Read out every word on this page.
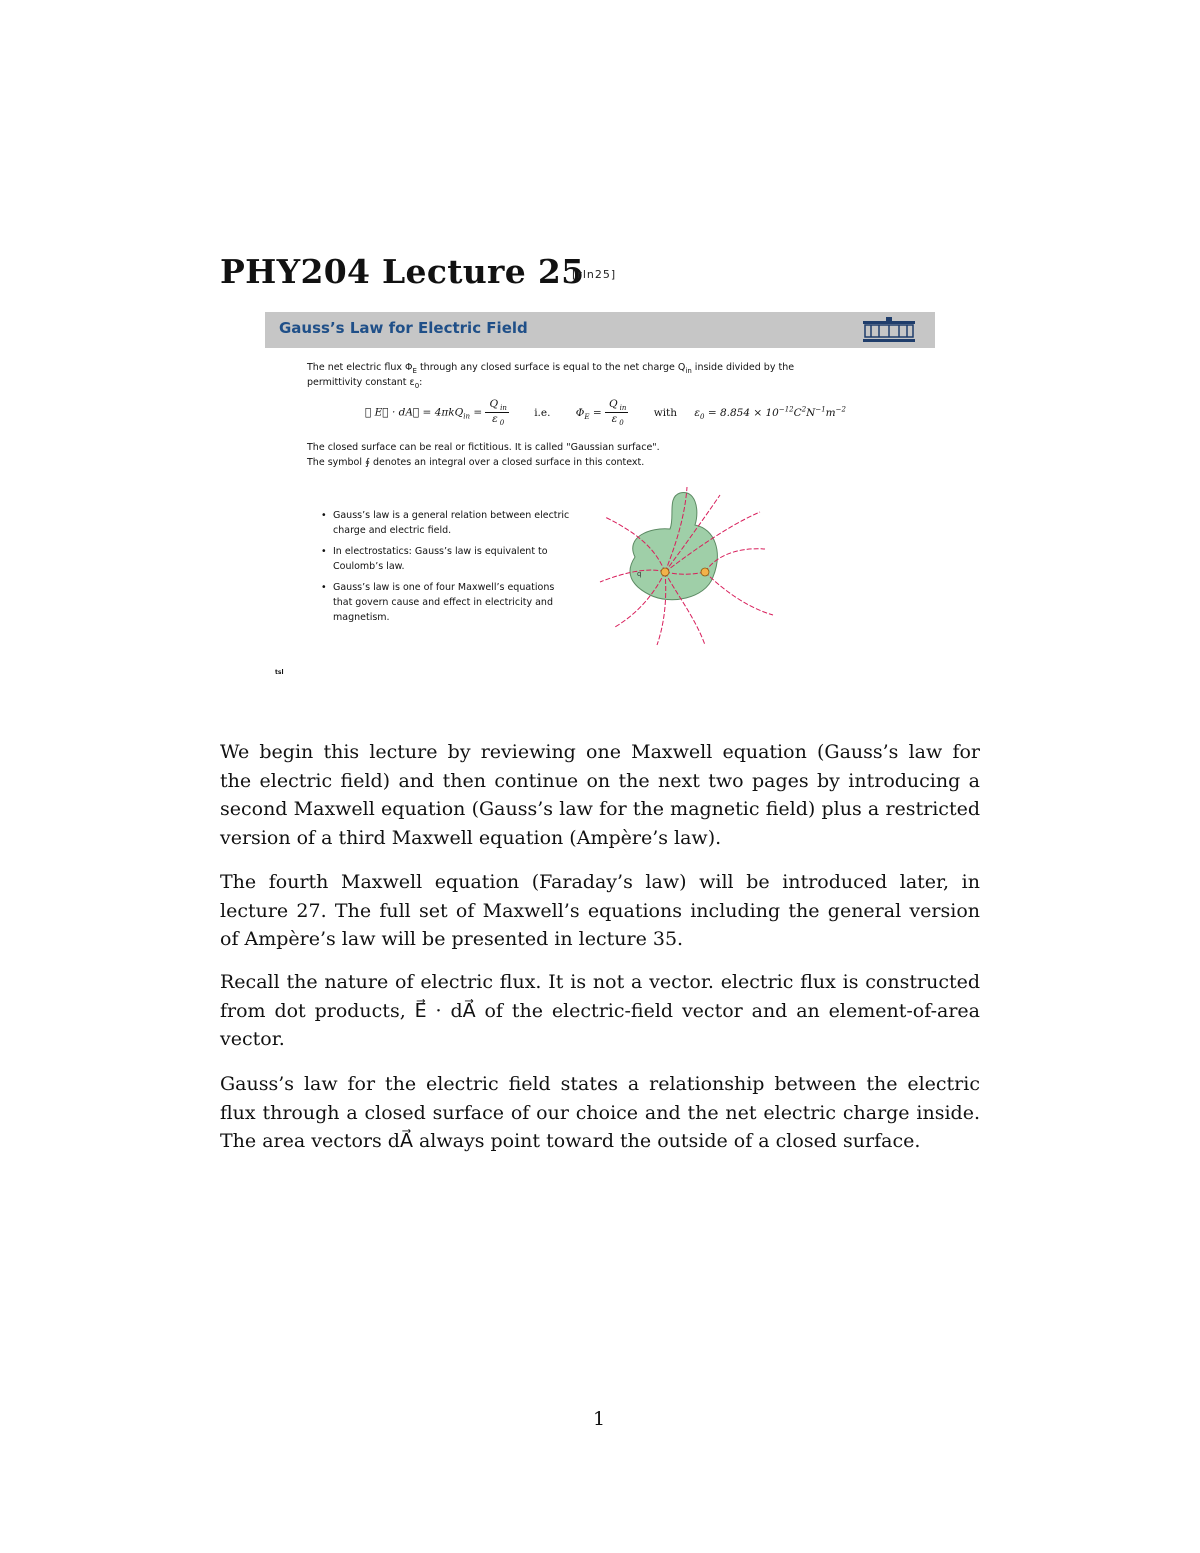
PHY204 Lecture 25
[rln25]
Gauss’s Law for Electric Field
The net electric flux $\Phi_E$ through any closed surface is equal to the net charge $Q_{in}$ inside divided by the
permittivity constant $\varepsilon_0$:
∮ E⃗ · dA⃗ = $4\pi kQ_{in} = \frac{Q _{in}}{\varepsilon _0} i.e$. $\Phi_E = \frac{Q _{in}}{\varepsilon _0}$ with $\varepsilon_0 = 8.854 \times 10^{-12}C^2N^{-1}m^{-2}$
The closed surface can be real or fictitious. It is called "Gaussian surface".
The symbol ∮ denotes an integral over a closed surface in this context.
• Gauss’s law is a general relation between electric charge and electric field.
• In electrostatics: Gauss’s law is equivalent to Coulomb’s law.
• Gauss’s law is one of four Maxwell’s equations that govern cause and effect in electricity and magnetism.
q
tsl
We begin this lecture by reviewing one Maxwell equation (Gauss’s law for
the electric field) and then continue on the next two pages by introducing a
second Maxwell equation (Gauss’s law for the magnetic field) plus a restricted
version of a third Maxwell equation (Ampère’s law).
The fourth Maxwell equation (Faraday’s law) will be introduced later, in
lecture 27. The full set of Maxwell’s equations including the general version
of Ampère’s law will be presented in lecture 35.
Recall the nature of electric flux. It is not a vector. electric flux is constructed
from dot products, E⃗ · dA⃗ of the electric-field vector and an element-of-area
vector.
Gauss’s law for the electric field states a relationship between the electric
flux through a closed surface of our choice and the net electric charge inside.
The area vectors dA⃗ always point toward the outside of a closed surface.
1
